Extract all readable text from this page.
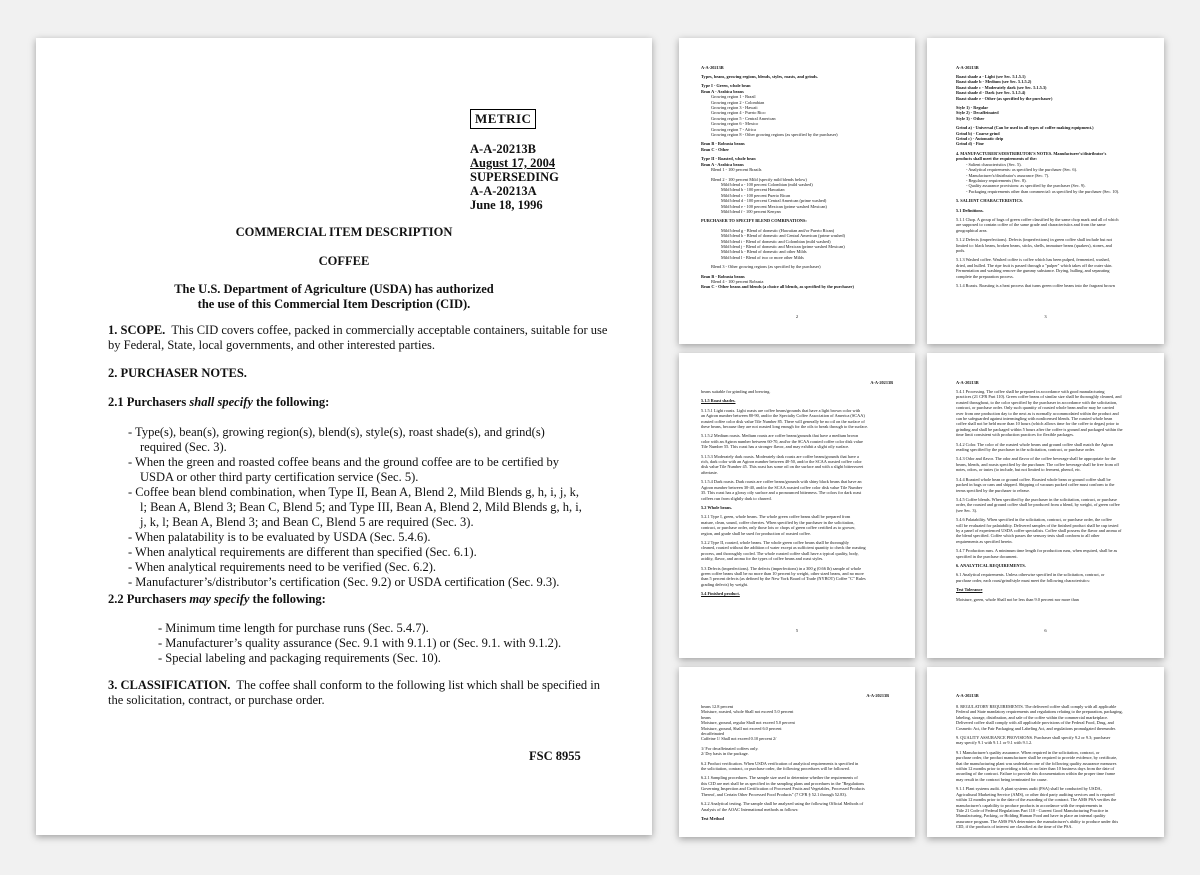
METRIC
A-A-20213B
August 17, 2004
SUPERSEDING
A-A-20213A
June 18, 1996
COMMERCIAL ITEM DESCRIPTION
COFFEE
The U.S. Department of Agriculture (USDA) has authorized
the use of this Commercial Item Description (CID).
1. SCOPE. This CID covers coffee, packed in commercially acceptable containers, suitable for use by Federal, State, local governments, and other interested parties.
2. PURCHASER NOTES.
2.1 Purchasers shall specify the following:
- Type(s), bean(s), growing region(s), blend(s), style(s), roast shade(s), and grind(s) required (Sec. 3).
- When the green and roasted coffee beans and the ground coffee are to be certified by USDA or other third party certification service (Sec. 5).
- Coffee bean blend combination, when Type II, Bean A, Blend 2, Mild Blends g, h, i, j, k, l; Bean A, Blend 3; Bean C, Blend 5; and Type III, Bean A, Blend 2, Mild Blends g, h, i, j, k, l; Bean A, Blend 3; and Bean C, Blend 5 are required (Sec. 3).
- When palatability is to be evaluated by USDA (Sec. 5.4.6).
- When analytical requirements are different than specified (Sec. 6.1).
- When analytical requirements need to be verified (Sec. 6.2).
- Manufacturer’s/distributor’s certification (Sec. 9.2) or USDA certification (Sec. 9.3).
2.2 Purchasers may specify the following:
- Minimum time length for purchase runs (Sec. 5.4.7).
- Manufacturer’s quality assurance (Sec. 9.1 with 9.1.1) or (Sec. 9.1. with 9.1.2).
- Special labeling and packaging requirements (Sec. 10).
3. CLASSIFICATION. The coffee shall conform to the following list which shall be specified in the solicitation, contract, or purchase order.
FSC 8955
A-A-20213B
Types, beans, growing regions, blends, styles, roasts, and grinds.
Type I - Green, whole bean
Bean A - Arabica beans
Growing region 1 - Brazil
Growing region 2 - Colombian
Growing region 3 - Hawaii
Growing region 4 - Puerto Rico
Growing region 5 - Central American
Growing region 6 - Mexico
Growing region 7 - Africa
Growing region 8 - Other growing regions (as specified by the purchaser)
Bean B - Robusta beans
Bean C - Other
Type II - Roasted, whole bean
Bean A - Arabica beans
Blend 1 - 100 percent Brazils
Blend 2 - 100 percent Mild (specify mild blends below)
Mild blend a - 100 percent Colombian (mild washed)
Mild blend b - 100 percent Hawaiian
Mild blend c - 100 percent Puerto Rican
Mild blend d - 100 percent Central American (prime washed)
Mild blend e - 100 percent Mexican (prime washed Mexican)
Mild blend f - 100 percent Kenyan
PURCHASER TO SPECIFY BLEND COMBINATIONS:
Mild blend g - Blend of domestic (Hawaiian and/or Puerto Rican)
Mild blend h - Blend of domestic and Central American (prime washed)
Mild blend i - Blend of domestic and Colombian (mild washed)
Mild blend j - Blend of domestic and Mexican (prime washed Mexican)
Mild blend k - Blend of domestic and other Milds
Mild blend l - Blend of two or more other Milds
Blend 3 - Other growing regions (as specified by the purchaser)
Bean B - Robusta beans
Blend 4 - 100 percent Robusta
Bean C - Other beans and blends (a choice all blends, as specified by the purchaser)
2
A-A-20213B
Roast shade a - Light (see Sec. 5.1.5.1)
Roast shade b - Medium (see Sec. 5.1.5.2)
Roast shade c - Moderately dark (see Sec. 5.1.5.3)
Roast shade d - Dark (see Sec. 5.1.5.4)
Roast shade e - Other (as specified by the purchaser)
Style 1) - Regular
Style 2) - Decaffeinated
Style 3) - Other
Grind a) - Universal (Can be used in all types of coffee making equipment.)
Grind b) - Coarse grind
Grind c) - Automatic drip
Grind d) - Fine
4. MANUFACTURER'S/DISTRIBUTOR'S NOTES. Manufacturer's/distributor's
products shall meet the requirements of the:
- Salient characteristics (Sec. 5).
- Analytical requirements: as specified by the purchaser (Sec. 6).
- Manufacturer's/distributor's assurance (Sec. 7).
- Regulatory requirements (Sec. 8).
- Quality assurance provisions: as specified by the purchaser (Sec. 9).
- Packaging requirements other than commercial: as specified by the purchaser (Sec. 10).
5. SALIENT CHARACTERISTICS.
5.1 Definitions.
5.1.1 Chop. A group of bags of green coffee classified by the same chop mark and all of which
are supposed to contain coffee of the same grade and characteristics and from the same
geographical area.
5.1.2 Defects (imperfections). Defects (imperfections) in green coffee shall include but not
limited to: black beans, broken beans, sticks, shells, immature beans (quakers), stones, and
pods.
5.1.3 Washed coffee. Washed coffee is coffee which has been pulped, fermented, washed,
dried, and hulled. The ripe fruit is passed through a "pulper" which takes off the outer skin.
Fermentation and washing remove the gummy substance. Drying, hulling, and separating
complete the preparation process.
5.1.4 Roasts. Roasting is a heat process that turns green coffee beans into the fragrant brown
3
A-A-20213B
beans suitable for grinding and brewing.
5.1.5 Roast shades.
5.1.5.1 Light roasts. Light roasts are coffee beans/grounds that have a light brown color with
an Agtron number between 80-90, and/or the Specialty Coffee Association of America (SCAA)
roasted coffee color disk value Tile Number 85. There will generally be no oil on the surface of
these beans, because they are not roasted long enough for the oils to break through to the surface.
5.1.5.2 Medium roasts. Medium roasts are coffee beans/grounds that have a medium brown
color with an Agtron number between 60-70, and/or the SCAA roasted coffee color disk value
Tile Number 55. This roast has a stronger flavor, and may exhibit a slight oily surface.
5.1.5.3 Moderately dark roasts. Moderately dark roasts are coffee beans/grounds that have a
rich, dark color with an Agtron number between 40-50, and/or the SCAA roasted coffee color
disk value Tile Number 45. This roast has some oil on the surface and with a slight bittersweet
aftertaste.
5.1.5.4 Dark roasts. Dark roasts are coffee beans/grounds with shiny black beans that have an
Agtron number between 30-40, and/or the SCAA roasted coffee color disk value Tile Number
35. This roast has a glossy oily surface and a pronounced bitterness. The colors for dark roast
coffees run from slightly dark to charred.
5.2 Whole beans.
5.2.1 Type I, green, whole beans. The whole green coffee beans shall be prepared from
mature, clean, sound, coffee cherries. When specified by the purchaser in the solicitation,
contract, or purchase order, only those lots or chops of green coffee certified as to grower,
region, and grade shall be used for production of roasted coffee.
5.2.2 Type II, roasted, whole beans. The whole green coffee beans shall be thoroughly
cleaned, roasted without the addition of water except as sufficient quantity to check the roasting
process, and thoroughly cooled. The whole roasted coffee shall have a typical quality, body,
acidity, flavor, and aroma for the types of coffee beans and roast styles.
5.3 Defects (imperfections). The defects (imperfections) in a 300 g (0.66 lb) sample of whole
green coffee beans shall be no more than 10 percent by weight, other sized beans, and no more
than 5 percent defects (as defined by the New York Board of Trade (NYBOT) Coffee "C" Rules
grading defects) by weight.
5.4 Finished product.
5
A-A-20213B
5.4.1 Processing. The coffee shall be prepared in accordance with good manufacturing
practices (21 CFR Part 110). Green coffee beans of similar size shall be thoroughly cleaned, and
roasted throughout, to the color specified by the purchaser in accordance with the solicitation,
contract, or purchase order. Only such quantity of roasted whole bean and/or may be carried
over from one production day to the next as is normally accommodated within the product and
can be safeguarded against intermingling with nonlicensed blends. The roasted whole bean
coffee shall not be held more than 10 hours (which allows time for the coffee to degas) prior to
grinding and shall be packaged within 5 hours after the coffee is ground and packaged within the
time limit consistent with production practices for flexible packages.
5.4.2 Color. The color of the roasted whole beans and ground coffee shall match the Agtron
reading specified by the purchaser in the solicitation, contract, or purchase order.
5.4.3 Odor and flavor. The odor and flavor of the coffee beverage shall be appropriate for the
beans, blends, and roasts specified by the purchaser. The coffee beverage shall be free from off
notes, odors, or tastes (to include, but not limited to ferment, phenol, etc.
5.4.4 Roasted whole bean or ground coffee. Roasted whole bean or ground coffee shall be
packed in bags or cans and shipped. Shipping of vacuum packed coffee must conform to the
terms specified by the purchaser to release.
5.4.5 Coffee blends. When specified by the purchaser in the solicitation, contract, or purchase
order, the roasted and ground coffee shall be produced from a blend, by weight, of green coffee
(see Sec. 3).
5.4.6 Palatability. When specified in the solicitation, contract, or purchase order, the coffee
will be evaluated for palatability. Delivered samples of the finished product shall be cup tested
by a panel of experienced USDA coffee specialists. Coffee shall possess the flavor and aroma of
the blend specified. Coffee which passes the sensory tests shall conform to all other
requirements as specified herein.
5.4.7 Production runs. A minimum time length for production runs, when required, shall be as
specified in the purchase document.
6. ANALYTICAL REQUIREMENTS.
6.1 Analytical requirements. Unless otherwise specified in the solicitation, contract, or
purchase order, each roast/grind/style must meet the following characteristics:
Test Tolerance
Moisture, green, whole Shall not be less than 9.0 percent nor more than
6
A-A-20213B
beans 12.8 percent
Moisture, roasted, whole Shall not exceed 5.0 percent
beans
Moisture, ground, regular Shall not exceed 5.0 percent
Moisture, ground, Shall not exceed 6.0 percent
decaffeinated
Caffeine 1/ Shall not exceed 0.10 percent 2/
1/ For decaffeinated coffees only.
2/ Dry basis in the package.
6.2 Product verification. When USDA verification of analytical requirements is specified in
the solicitation, contract, or purchase order, the following procedures will be followed.
6.2.1 Sampling procedures. The sample size used to determine whether the requirements of
this CID are met shall be as specified in the sampling plans and procedures in the "Regulations
Governing Inspection and Certification of Processed Fruits and Vegetables, Processed Products
Thereof, and Certain Other Processed Food Products" (7 CFR § 52.1 through 52.83).
6.2.2 Analytical testing. The sample shall be analyzed using the following Official Methods of
Analysis of the AOAC International methods as follows:
Test Method
A-A-20213B
8. REGULATORY REQUIREMENTS. The delivered coffee shall comply with all applicable
Federal and State mandatory requirements and regulations relating to the preparation, packaging,
labeling, storage, distribution, and sale of the coffee within the commercial marketplace.
Delivered coffee shall comply with all applicable provisions of the Federal Food, Drug, and
Cosmetic Act, the Fair Packaging and Labeling Act, and regulations promulgated thereunder.
9. QUALITY ASSURANCE PROVISIONS. Purchaser shall specify 9.2 or 9.3; purchaser
may specify 9.1 with 9.1.1 or 9.1 with 9.1.2.
9.1 Manufacturer's quality assurance. When required in the solicitation, contract, or
purchase order, the product manufacturer shall be required to provide evidence, by certificate,
that the manufacturing plant was undertaken one of the following quality assurance measures
within 12 months prior to providing a bid, or no later than 10 business days from the date of
awarding of the contract. Failure to provide this documentation within the proper time frame
may result in the contract being terminated for cause.
9.1.1 Plant systems audit. A plant systems audit (PSA) shall be conducted by USDA,
Agricultural Marketing Service (AMS), or other third party auditing services and is required
within 12 months prior to the date of the awarding of the contract. The AMS PSA verifies the
manufacturer's capability to produce products in accordance with the requirements in
Title 21 Code of Federal Regulations Part 110 - Current Good Manufacturing Practice in
Manufacturing, Packing, or Holding Human Food and have in place an internal quality
assurance program. The AMS PSA determines the manufacturer's ability to produce under this
CID, if the products of interest are classified at the time of the PSA.
